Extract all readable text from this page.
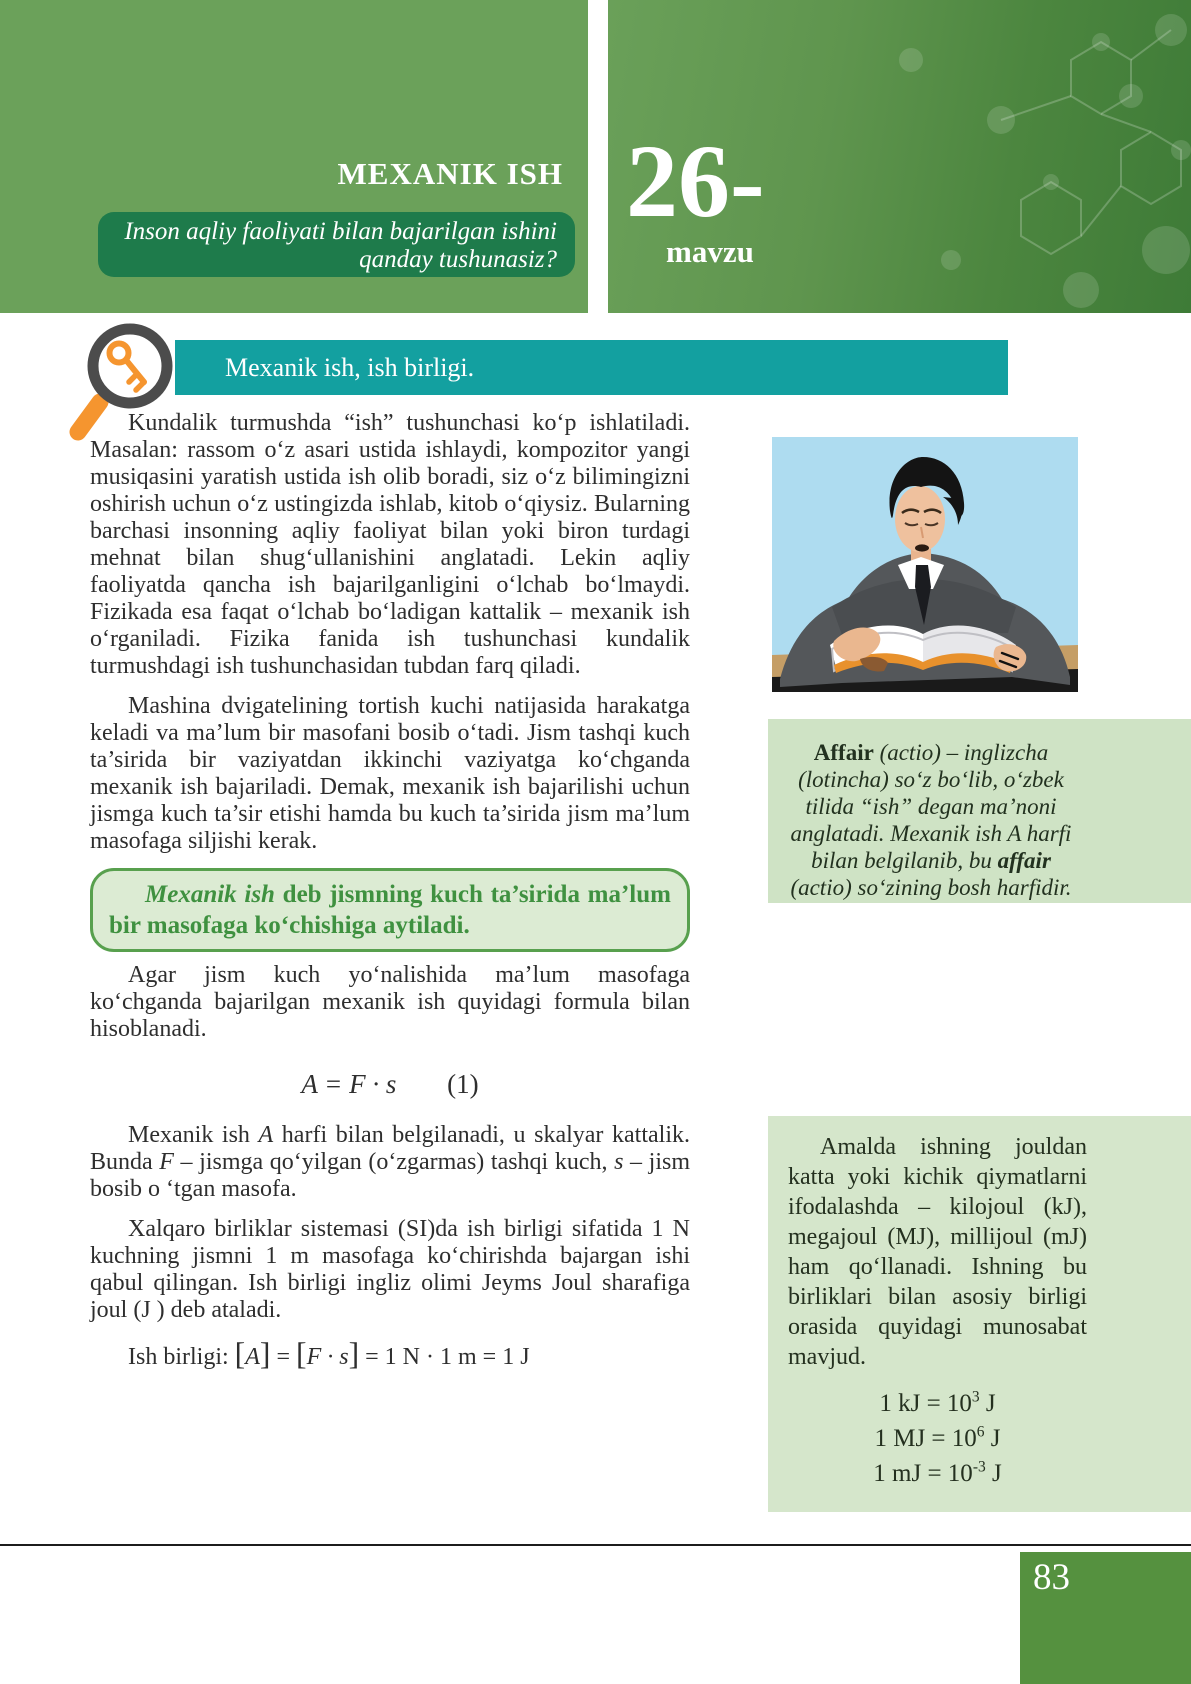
MEXANIK ISH
Inson aqliy faoliyati bilan bajarilgan ishini
qanday tushunasiz?
26-
mavzu
Mexanik ish, ish birligi.

Kundalik turmushda “ish” tushunchasi ko‘p ishlatiladi. Masalan: rassom o‘z asari ustida ishlaydi, kompozitor yangi musiqasini yaratish ustida ish olib boradi, siz o‘z bilimingizni oshirish uchun o‘z ustingizda ishlab, kitob o‘qiysiz. Bularning barchasi insonning aqliy faoliyat bilan yoki biron turdagi mehnat bilan shug‘ullanishini anglatadi. Lekin aqliy faoliyatda qancha ish bajarilganligini o‘lchab bo‘lmaydi. Fizikada esa faqat o‘lchab bo‘ladigan kattalik – mexanik ish o‘rganiladi. Fizika fanida ish tushunchasi kundalik turmushdagi ish tushunchasidan tubdan farq qiladi.

Mashina dvigatelining tortish kuchi natijasida harakatga keladi va ma’lum bir masofani bosib o‘tadi. Jism tashqi kuch ta’sirida bir vaziyatdan ikkinchi vaziyatga ko‘chganda mexanik ish bajariladi. Demak, mexanik ish bajarilishi uchun jismga kuch ta’sir etishi hamda bu kuch ta’sirida jism ma’lum masofaga siljishi kerak.

Mexanik ish deb jismning kuch ta’sirida ma’lum bir masofaga ko‘chishiga aytiladi.

Agar jism kuch yo‘nalishida ma’lum masofaga ko‘chganda bajarilgan mexanik ish quyidagi formula bilan hisoblanadi.

A = F · s (1)

Mexanik ish A harfi bilan belgilanadi, u skalyar kattalik. Bunda F – jismga qo‘yilgan (o‘zgarmas) tashqi kuch, s – jism bosib o ‘tgan masofa.

Xalqaro birliklar sistemasi (SI)da ish birligi sifatida 1 N kuchning jismni 1 m masofaga ko‘chirishda bajargan ishi qabul qilingan. Ish birligi ingliz olimi Jeyms Joul sharafiga joul (J ) deb ataladi.

Ish birligi: [A] = [F · s] = 1 N · 1 m = 1 J

Affair (actio) – inglizcha
(lotincha) so‘z bo‘lib, o‘zbek
tilida “ish” degan ma’noni
anglatadi. Mexanik ish A harfi
bilan belgilanib, bu affair
(actio) so‘zining bosh harfidir.

Amalda ishning jouldan katta yoki kichik qiymatlarni ifodalashda – kilojoul (kJ), megajoul (MJ), millijoul (mJ) ham qo‘llanadi. Ishning bu birliklari bilan asosiy birligi orasida quyidagi munosabat mavjud.

1 kJ = $10^3$ J
1 MJ = $10^6$ J
1 mJ = $10^{-3}$ J
83
